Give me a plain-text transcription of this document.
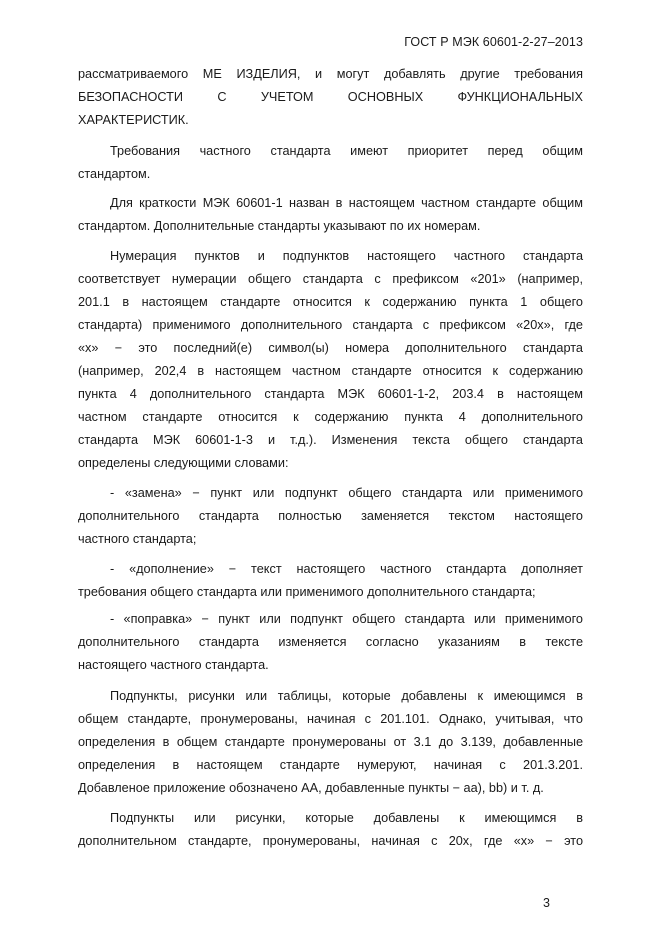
ГОСТ Р МЭК 60601-2-27–2013
рассматриваемого МЕ ИЗДЕЛИЯ, и могут добавлять другие требования
БЕЗОПАСНОСТИ С УЧЕТОМ ОСНОВНЫХ ФУНКЦИОНАЛЬНЫХ
ХАРАКТЕРИСТИК.
Требования частного стандарта имеют приоритет перед общим
стандартом.
Для краткости МЭК 60601-1 назван в настоящем частном стандарте общим
стандартом. Дополнительные стандарты указывают по их номерам.
Нумерация пунктов и подпунктов настоящего частного стандарта
соответствует нумерации общего стандарта с префиксом «201» (например,
201.1 в настоящем стандарте относится к содержанию пункта 1 общего
стандарта) применимого дополнительного стандарта с префиксом «20x», где
«x» − это последний(е) символ(ы) номера дополнительного стандарта
(например, 202,4 в настоящем частном стандарте относится к содержанию
пункта 4 дополнительного стандарта МЭК 60601-1-2, 203.4 в настоящем
частном стандарте относится к содержанию пункта 4 дополнительного
стандарта МЭК 60601-1-3 и т.д.). Изменения текста общего стандарта
определены следующими словами:
- «замена» − пункт или подпункт общего стандарта или применимого
дополнительного стандарта полностью заменяется текстом настоящего
частного стандарта;
- «дополнение» − текст настоящего частного стандарта дополняет
требования общего стандарта или применимого дополнительного стандарта;
- «поправка» − пункт или подпункт общего стандарта или применимого
дополнительного стандарта изменяется согласно указаниям в тексте
настоящего частного стандарта.
Подпункты, рисунки или таблицы, которые добавлены к имеющимся в
общем стандарте, пронумерованы, начиная с 201.101. Однако, учитывая, что
определения в общем стандарте пронумерованы от 3.1 до 3.139, добавленные
определения в настоящем стандарте нумеруют, начиная с 201.3.201.
Добавленое приложение обозначено АА, добавленные пункты − аа), bb) и т. д.
Подпункты или рисунки, которые добавлены к имеющимся в
дополнительном стандарте, пронумерованы, начиная с 20x, где «x» − это
3
